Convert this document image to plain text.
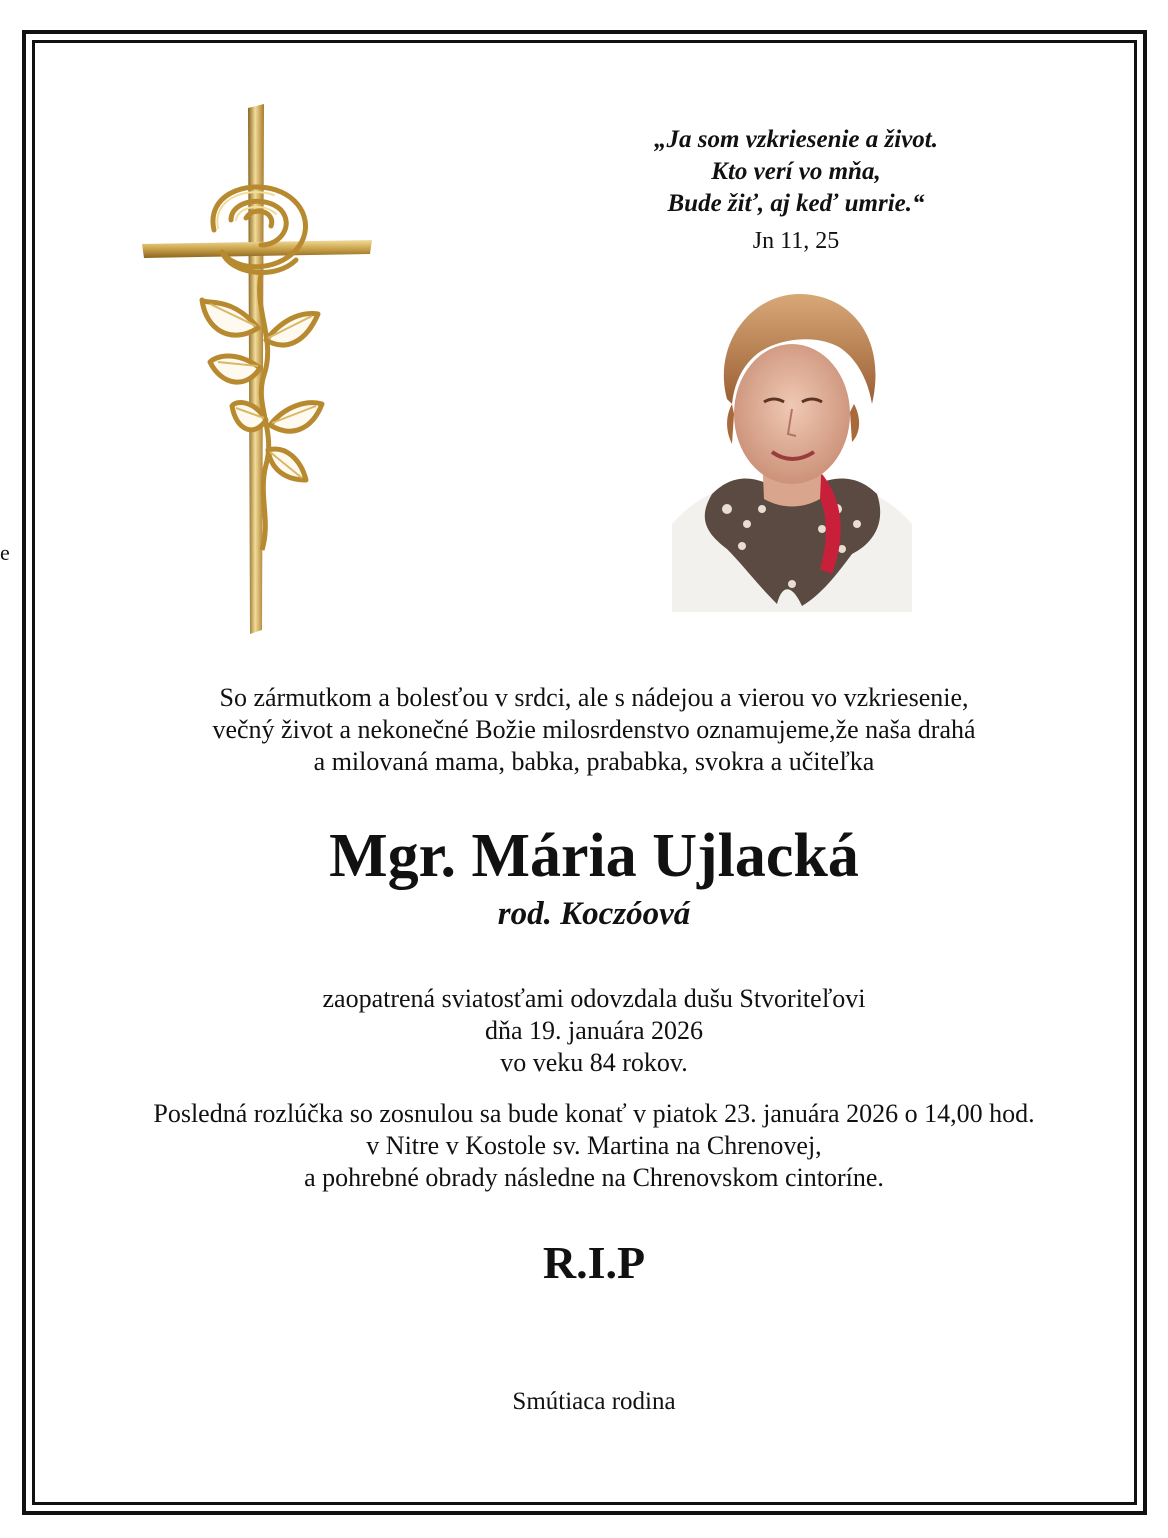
e
„Ja som vzkriesenie a život.
Kto verí vo mňa,
Bude žiť, aj keď umrie.“
Jn 11, 25
So zármutkom a bolesťou v srdci, ale s nádejou a vierou vo vzkriesenie,
večný život a nekonečné Božie milosrdenstvo oznamujeme,že naša drahá
a milovaná mama, babka, prababka, svokra a učiteľka
Mgr. Mária Ujlacká
rod. Koczóová
zaopatrená sviatosťami odovzdala dušu Stvoriteľovi
dňa 19. januára 2026
vo veku 84 rokov.
Posledná rozlúčka so zosnulou sa bude konať v piatok 23. januára 2026 o 14,00 hod.
v Nitre v Kostole sv. Martina na Chrenovej,
a pohrebné obrady následne na Chrenovskom cintoríne.
R.I.P
Smútiaca rodina
